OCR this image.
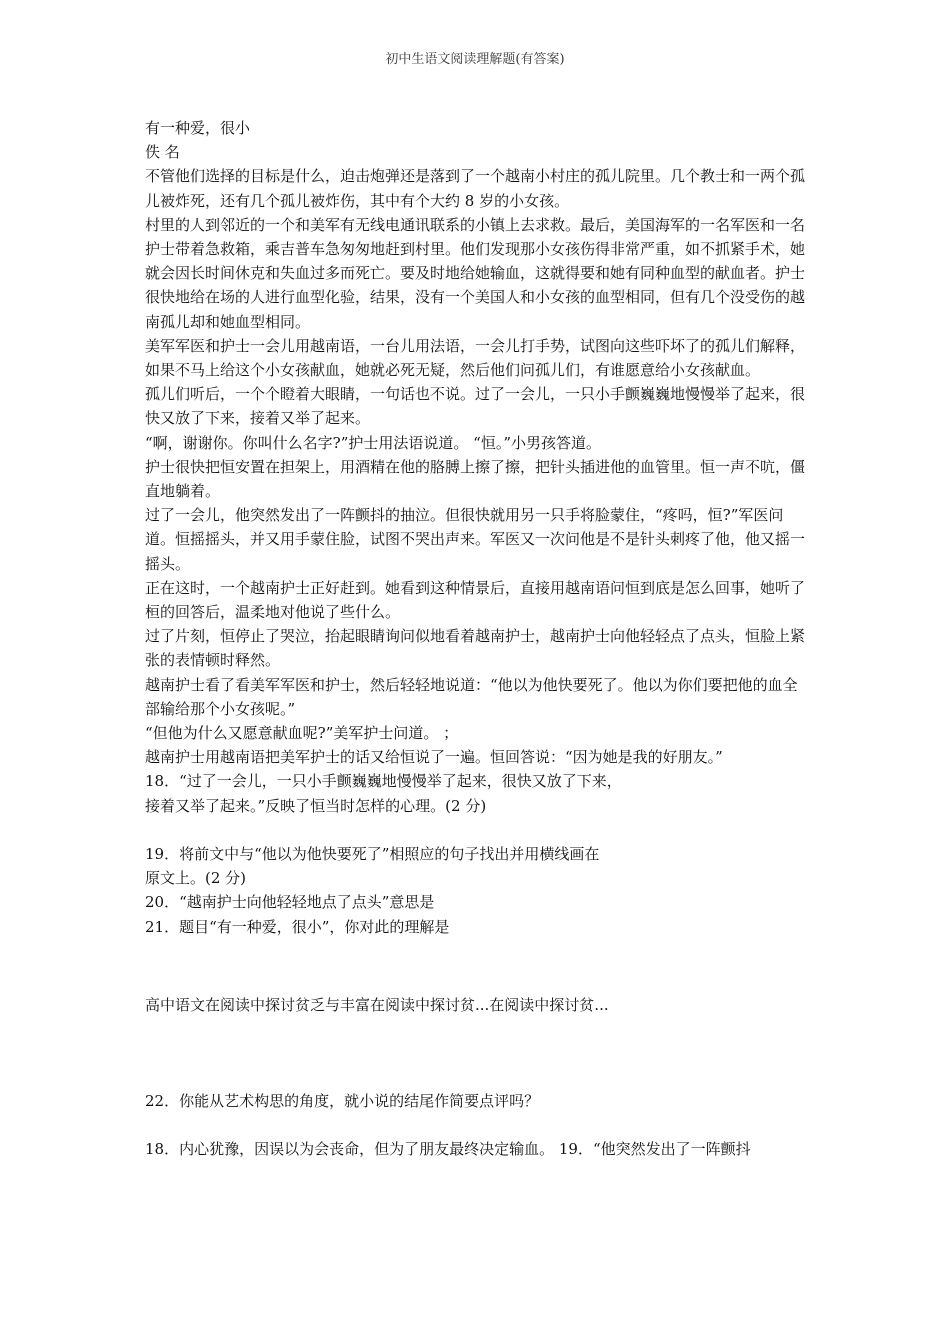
初中生语文阅读理解题(有答案)

有一种爱，很小

佚 名

不管他们选择的目标是什么，迫击炮弹还是落到了一个越南小村庄的孤儿院里。几个教士和一两个孤儿被炸死，还有几个孤儿被炸伤，其中有个大约 8 岁的小女孩。

村里的人到邻近的一个和美军有无线电通讯联系的小镇上去求救。最后，美国海军的一名军医和一名护士带着急救箱，乘吉普车急匆匆地赶到村里。他们发现那小女孩伤得非常严重，如不抓紧手术，她就会因长时间休克和失血过多而死亡。要及时地给她输血，这就得要和她有同种血型的献血者。护士很快地给在场的人进行血型化验，结果，没有一个美国人和小女孩的血型相同，但有几个没受伤的越南孤儿却和她血型相同。

美军军医和护士一会儿用越南语，一台儿用法语，一会儿打手势，试图向这些吓坏了的孤儿们解释，如果不马上给这个小女孩献血，她就必死无疑，然后他们问孤儿们，有谁愿意给小女孩献血。

孤儿们听后，一个个瞪着大眼睛，一句话也不说。过了一会儿，一只小手颤巍巍地慢慢举了起来，很快又放了下来，接着又举了起来。

“啊，谢谢你。你叫什么名字?”护士用法语说道。 “恒。”小男孩答道。

护士很快把恒安置在担架上，用酒精在他的胳膊上擦了擦，把针头插进他的血管里。恒一声不吭，僵直地躺着。

过了一会儿，他突然发出了一阵颤抖的抽泣。但很快就用另一只手将脸蒙住，“疼吗，恒?”军医问道。恒摇摇头，并又用手蒙住脸，试图不哭出声来。军医又一次问他是不是针头刺疼了他，他又摇一摇头。

正在这时，一个越南护士正好赶到。她看到这种情景后，直接用越南语问恒到底是怎么回事，她听了桓的回答后，温柔地对他说了些什么。

过了片刻，恒停止了哭泣，抬起眼睛询问似地看着越南护士，越南护士向他轻轻点了点头，恒脸上紧张的表情顿时释然。

越南护士看了看美军军医和护士，然后轻轻地说道：“他以为他快要死了。他以为你们要把他的血全部输给那个小女孩呢。”

“但他为什么又愿意献血呢?”美军护士问道。 ；

越南护士用越南语把美军护士的话又给恒说了一遍。恒回答说：“因为她是我的好朋友。”

18．“过了一会儿，一只小手颤巍巍地慢慢举了起来，很快又放了下来，

接着又举了起来。”反映了恒当时怎样的心理。(2 分)

19．将前文中与“他以为他快要死了”相照应的句子找出并用横线画在

原文上。(2 分)

20．“越南护士向他轻轻地点了点头”意思是

21．题目“有一种爱，很小”，你对此的理解是

高中语文在阅读中探讨贫乏与丰富在阅读中探讨贫...在阅读中探讨贫...

22．你能从艺术构思的角度，就小说的结尾作简要点评吗？

18．内心犹豫，因误以为会丧命，但为了朋友最终决定输血。 19．“他突然发出了一阵颤抖
